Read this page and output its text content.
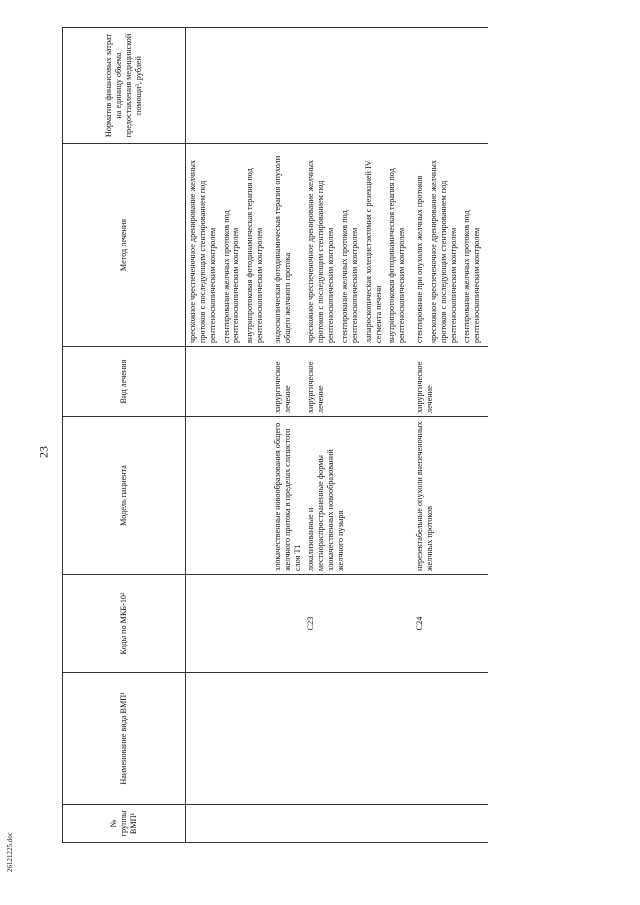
23
26121225.doc
№ группы ВМП¹	Наименование вида ВМП¹	Коды по МКБ-10²	Модель пациента	Вид лечения	Метод лечения	Норматив финансовых затрат на единицу объема предоставления медицинской помощи³, рублей

					чрескожное чреспеченочное дренирование желчных протоков с последующим стентированием под рентгеноскопическим контролем стентирование желчных протоков под рентгеноскопическим контролем внутрипротоковая фотодинамическая терапия под рентгеноскопическим контролем	

			злокачественные новообразования общего желчного протока в пределах слизистого слоя T1	хирургическое лечение	эндоскопическая фотодинамическая терапия опухоли общего желчного протока	

		C23	локализованные и местнораспространенные формы злокачественных новообразований желчного пузыря	хирургическое лечение	чрескожное чреспеченочное дренирование желчных протоков с последующим стентированием под рентгеноскопическим контролем стентирование желчных протоков под рентгеноскопическим контролем лапароскопическая холецистэктомия с резекцией IV сегмента печени внутрипротоковая фотодинамическая терапия под рентгеноскопическим контролем	

		C24	нерезектабельные опухоли внепеченочных желчных протоков	хирургическое лечение	стентирование при опухолях желчных протоков чрескожное чреспеченочное дренирование желчных протоков с последующим стентированием под рентгеноскопическим контролем стентирование желчных протоков под рентгеноскопическим контролем	
